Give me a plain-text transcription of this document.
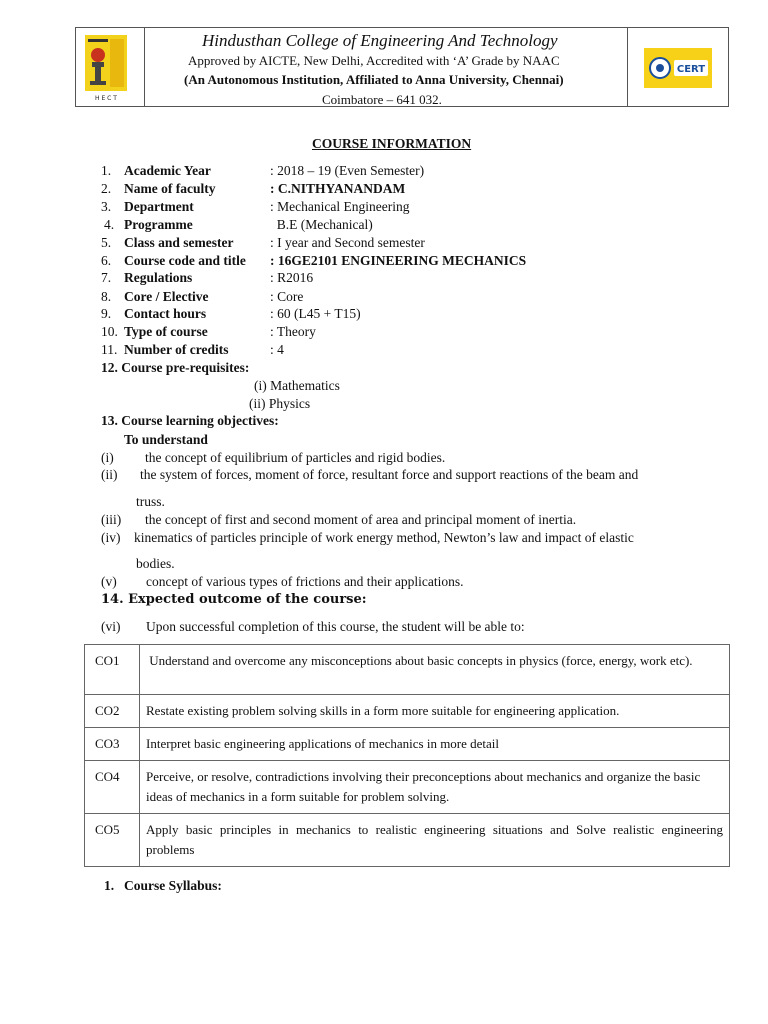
H E C T
CERT
Hindusthan College of Engineering And Technology
Approved by AICTE, New Delhi, Accredited with ‘A’ Grade by NAAC
(An Autonomous Institution, Affiliated to Anna University, Chennai)
Coimbatore – 641 032.
COURSE INFORMATION
1. Academic Year	: 2018 – 19 (Even Semester)
2. Name of faculty	: C.NITHYANANDAM
3. Department	: Mechanical Engineering
4. Programme	B.E (Mechanical)
5. Class and semester	: I year and Second semester
6. Course code and title : 16GE2101 ENGINEERING MECHANICS
7. Regulations	: R2016
8. Core / Elective	: Core
9. Contact hours	: 60 (L45 + T15)
10. Type of course	: Theory
11. Number of credits	: 4
12. Course pre-requisites:
(i) Mathematics
(ii) Physics
13. Course learning objectives:
To understand
(i) the concept of equilibrium of particles and rigid bodies.
(ii) the system of forces, moment of force, resultant force and support reactions of the beam and
truss.
(iii) the concept of first and second moment of area and principal moment of inertia.
(iv) kinematics of particles principle of work energy method, Newton’s law and impact of elastic
bodies.
(v) concept of various types of frictions and their applications.
14. Expected outcome of the course:
(vi) Upon successful completion of this course, the student will be able to:
CO1	Understand and overcome any misconceptions about basic concepts in physics (force, energy, work etc).
CO2	Restate existing problem solving skills in a form more suitable for engineering application.
CO3	Interpret basic engineering applications of mechanics in more detail
CO4	Perceive, or resolve, contradictions involving their preconceptions about mechanics and organize the basic ideas of mechanics in a form suitable for problem solving.
CO5	Apply basic principles in mechanics to realistic engineering situations and Solve realistic engineering problems
1. Course Syllabus:
